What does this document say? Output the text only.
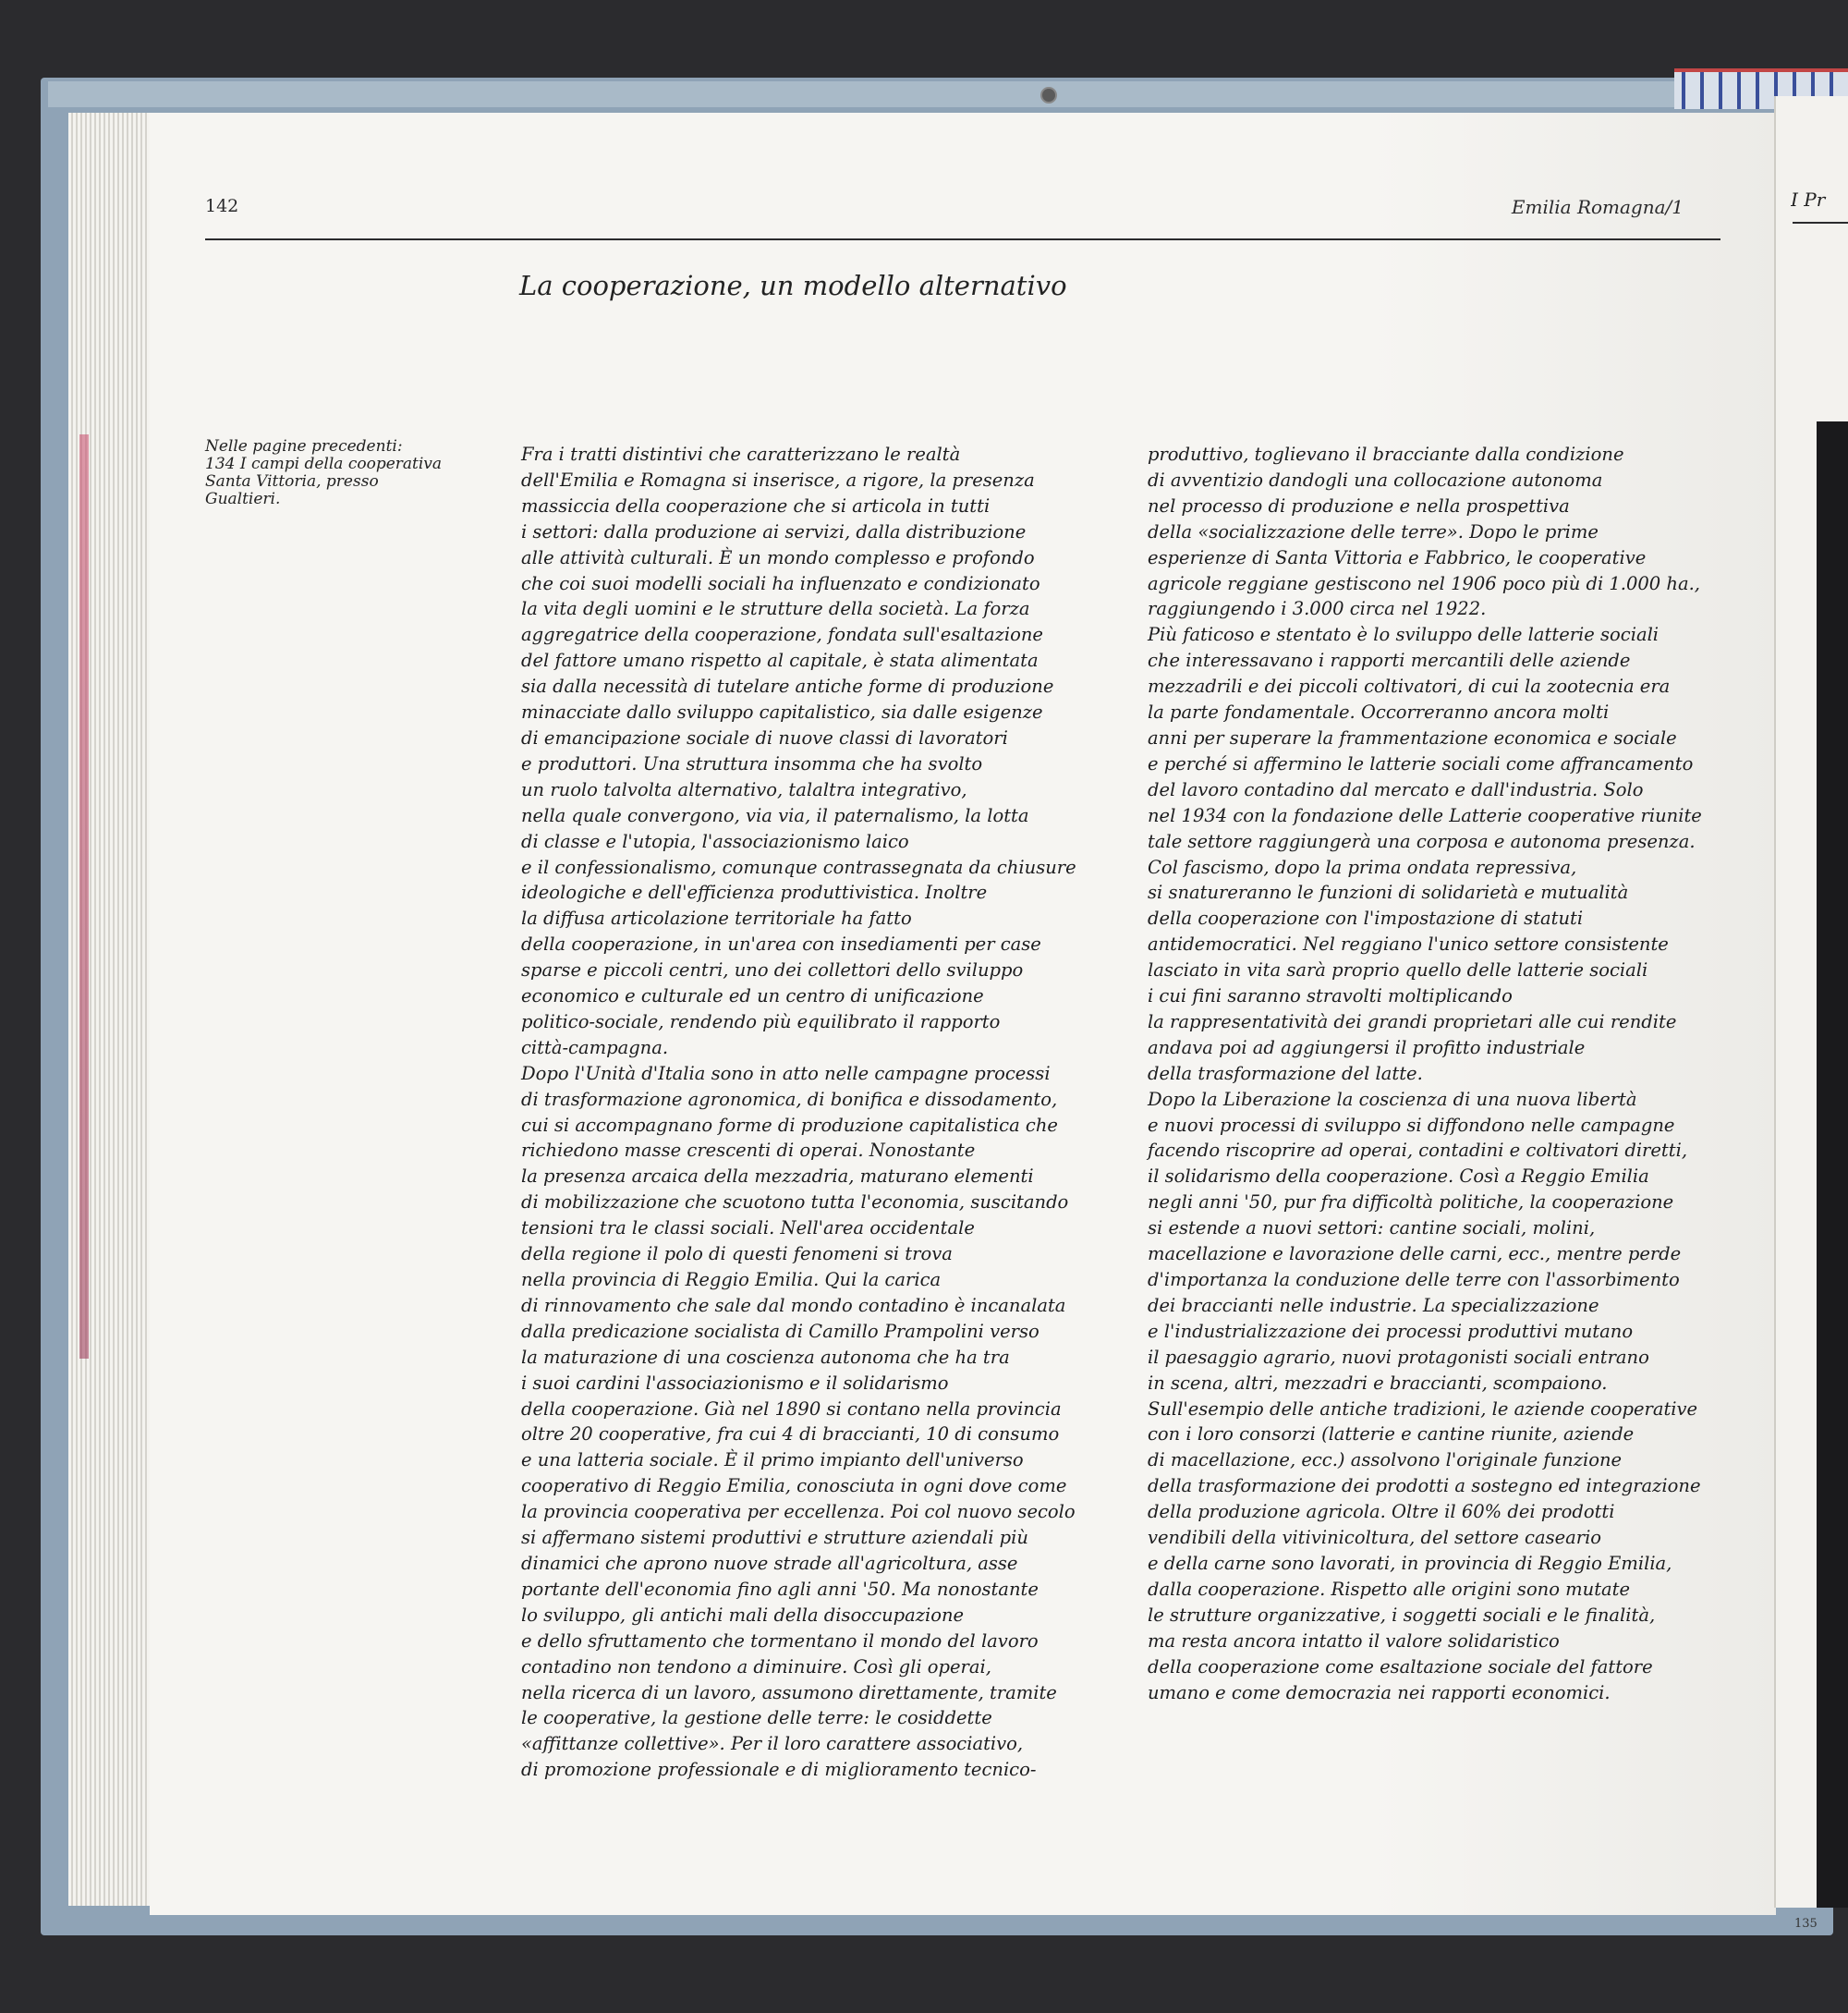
142	Emilia Romagna/1
La cooperazione, un modello alternativo
Nelle pagine precedenti:
134 I campi della cooperativa
Santa Vittoria, presso
Gualtieri.
Fra i tratti distintivi che caratterizzano le realtà
dell'Emilia e Romagna si inserisce, a rigore, la presenza
massiccia della cooperazione che si articola in tutti
i settori: dalla produzione ai servizi, dalla distribuzione
alle attività culturali. È un mondo complesso e profondo
che coi suoi modelli sociali ha influenzato e condizionato
la vita degli uomini e le strutture della società. La forza
aggregatrice della cooperazione, fondata sull'esaltazione
del fattore umano rispetto al capitale, è stata alimentata
sia dalla necessità di tutelare antiche forme di produzione
minacciate dallo sviluppo capitalistico, sia dalle esigenze
di emancipazione sociale di nuove classi di lavoratori
e produttori. Una struttura insomma che ha svolto
un ruolo talvolta alternativo, talaltra integrativo,
nella quale convergono, via via, il paternalismo, la lotta
di classe e l'utopia, l'associazionismo laico
e il confessionalismo, comunque contrassegnata da chiusure
ideologiche e dell'efficienza produttivistica. Inoltre
la diffusa articolazione territoriale ha fatto
della cooperazione, in un'area con insediamenti per case
sparse e piccoli centri, uno dei collettori dello sviluppo
economico e culturale ed un centro di unificazione
politico-sociale, rendendo più equilibrato il rapporto
città-campagna.
Dopo l'Unità d'Italia sono in atto nelle campagne processi
di trasformazione agronomica, di bonifica e dissodamento,
cui si accompagnano forme di produzione capitalistica che
richiedono masse crescenti di operai. Nonostante
la presenza arcaica della mezzadria, maturano elementi
di mobilizzazione che scuotono tutta l'economia, suscitando
tensioni tra le classi sociali. Nell'area occidentale
della regione il polo di questi fenomeni si trova
nella provincia di Reggio Emilia. Qui la carica
di rinnovamento che sale dal mondo contadino è incanalata
dalla predicazione socialista di Camillo Prampolini verso
la maturazione di una coscienza autonoma che ha tra
i suoi cardini l'associazionismo e il solidarismo
della cooperazione. Già nel 1890 si contano nella provincia
oltre 20 cooperative, fra cui 4 di braccianti, 10 di consumo
e una latteria sociale. È il primo impianto dell'universo
cooperativo di Reggio Emilia, conosciuta in ogni dove come
la provincia cooperativa per eccellenza. Poi col nuovo secolo
si affermano sistemi produttivi e strutture aziendali più
dinamici che aprono nuove strade all'agricoltura, asse
portante dell'economia fino agli anni '50. Ma nonostante
lo sviluppo, gli antichi mali della disoccupazione
e dello sfruttamento che tormentano il mondo del lavoro
contadino non tendono a diminuire. Così gli operai,
nella ricerca di un lavoro, assumono direttamente, tramite
le cooperative, la gestione delle terre: le cosiddette
«affittanze collettive». Per il loro carattere associativo,
di promozione professionale e di miglioramento tecnico-
produttivo, toglievano il bracciante dalla condizione
di avventizio dandogli una collocazione autonoma
nel processo di produzione e nella prospettiva
della «socializzazione delle terre». Dopo le prime
esperienze di Santa Vittoria e Fabbrico, le cooperative
agricole reggiane gestiscono nel 1906 poco più di 1.000 ha.,
raggiungendo i 3.000 circa nel 1922.
Più faticoso e stentato è lo sviluppo delle latterie sociali
che interessavano i rapporti mercantili delle aziende
mezzadrili e dei piccoli coltivatori, di cui la zootecnia era
la parte fondamentale. Occorreranno ancora molti
anni per superare la frammentazione economica e sociale
e perché si affermino le latterie sociali come affrancamento
del lavoro contadino dal mercato e dall'industria. Solo
nel 1934 con la fondazione delle Latterie cooperative riunite
tale settore raggiungerà una corposa e autonoma presenza.
Col fascismo, dopo la prima ondata repressiva,
si snatureranno le funzioni di solidarietà e mutualità
della cooperazione con l'impostazione di statuti
antidemocratici. Nel reggiano l'unico settore consistente
lasciato in vita sarà proprio quello delle latterie sociali
i cui fini saranno stravolti moltiplicando
la rappresentatività dei grandi proprietari alle cui rendite
andava poi ad aggiungersi il profitto industriale
della trasformazione del latte.
Dopo la Liberazione la coscienza di una nuova libertà
e nuovi processi di sviluppo si diffondono nelle campagne
facendo riscoprire ad operai, contadini e coltivatori diretti,
il solidarismo della cooperazione. Così a Reggio Emilia
negli anni '50, pur fra difficoltà politiche, la cooperazione
si estende a nuovi settori: cantine sociali, molini,
macellazione e lavorazione delle carni, ecc., mentre perde
d'importanza la conduzione delle terre con l'assorbimento
dei braccianti nelle industrie. La specializzazione
e l'industrializzazione dei processi produttivi mutano
il paesaggio agrario, nuovi protagonisti sociali entrano
in scena, altri, mezzadri e braccianti, scompaiono.
Sull'esempio delle antiche tradizioni, le aziende cooperative
con i loro consorzi (latterie e cantine riunite, aziende
di macellazione, ecc.) assolvono l'originale funzione
della trasformazione dei prodotti a sostegno ed integrazione
della produzione agricola. Oltre il 60% dei prodotti
vendibili della vitivinicoltura, del settore caseario
e della carne sono lavorati, in provincia di Reggio Emilia,
dalla cooperazione. Rispetto alle origini sono mutate
le strutture organizzative, i soggetti sociali e le finalità,
ma resta ancora intatto il valore solidaristico
della cooperazione come esaltazione sociale del fattore
umano e come democrazia nei rapporti economici.
I Pr
135
